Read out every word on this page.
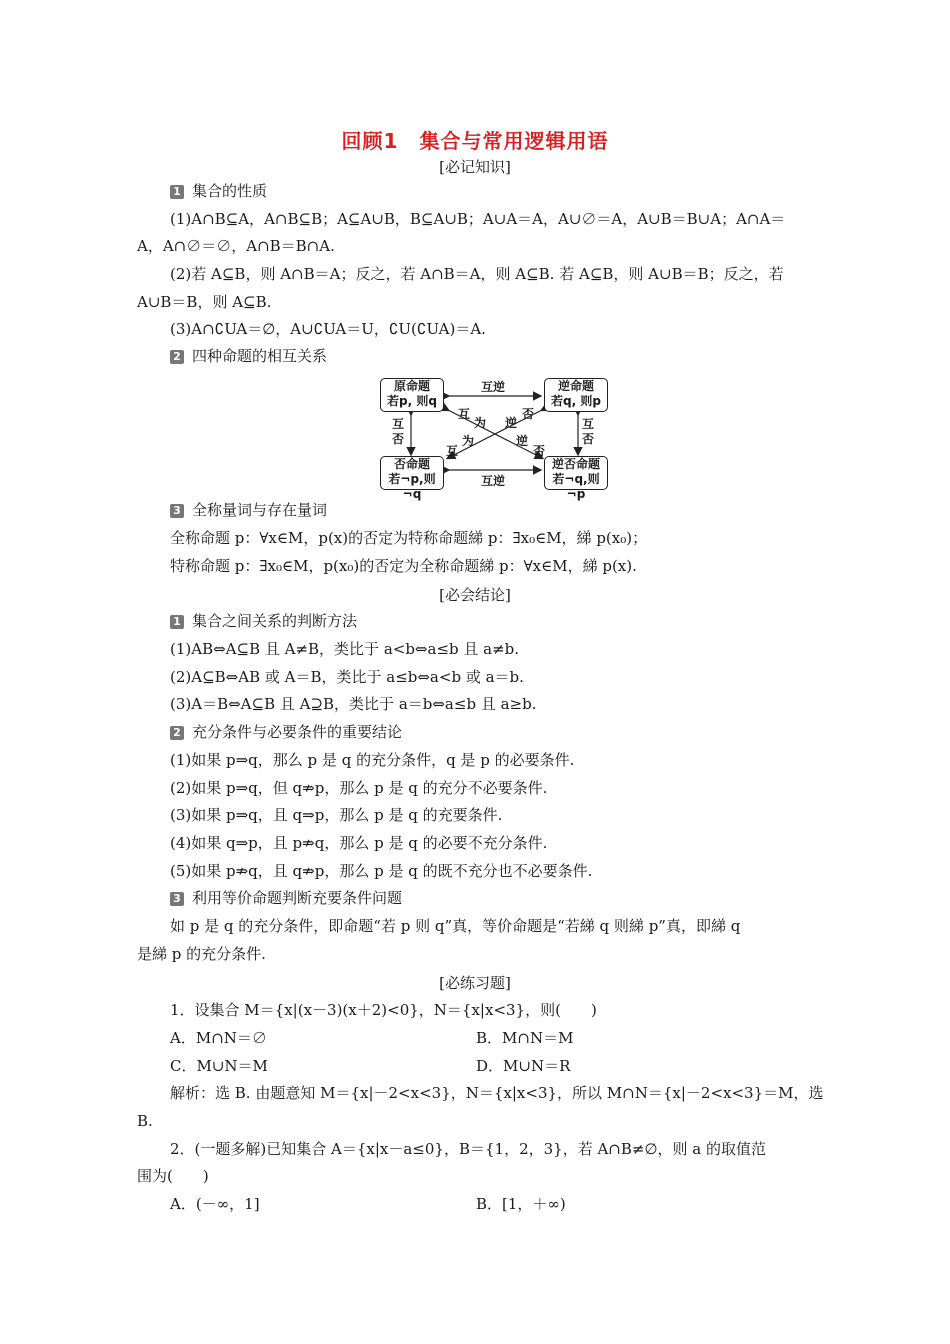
回顾1　集合与常用逻辑用语
[必记知识]
1 集合的性质
(1)A∩B⊆A，A∩B⊆B；A⊆A∪B，B⊆A∪B；A∪A＝A，A∪∅＝A，A∪B＝B∪A；A∩A＝
A，A∩∅＝∅，A∩B＝B∩A.
(2)若 A⊆B，则 A∩B＝A；反之，若 A∩B＝A，则 A⊆B. 若 A⊆B，则 A∪B＝B；反之，若
A∪B＝B，则 A⊆B.
(3)A∩∁UA＝∅，A∪∁UA＝U，∁U(∁UA)＝A.
2 四种命题的相互关系
原命题
若p, 则q
逆命题
若q, 则p
否命题
若¬p,则¬q
逆否命题
若¬q,则¬p
互逆
互逆
互否
互否
互
为 逆
否
互
为	逆
否
3 全称量词与存在量词
全称命题 p：∀x∈M，p(x)的否定为特称命题綈 p：∃x₀∈M，綈 p(x₀)；
特称命题 p：∃x₀∈M，p(x₀)的否定为全称命题綈 p：∀x∈M，綈 p(x).
[必会结论]
1 集合之间关系的判断方法
(1)AB⇔A⊆B 且 A≠B，类比于 a<b⇔a≤b 且 a≠b.
(2)A⊆B⇔AB 或 A＝B，类比于 a≤b⇔a<b 或 a＝b.
(3)A＝B⇔A⊆B 且 A⊇B，类比于 a＝b⇔a≤b 且 a≥b.
2 充分条件与必要条件的重要结论
(1)如果 p⇒q，那么 p 是 q 的充分条件，q 是 p 的必要条件.
(2)如果 p⇒q，但 q⇏p，那么 p 是 q 的充分不必要条件.
(3)如果 p⇒q，且 q⇒p，那么 p 是 q 的充要条件.
(4)如果 q⇒p，且 p⇏q，那么 p 是 q 的必要不充分条件.
(5)如果 p⇏q，且 q⇏p，那么 p 是 q 的既不充分也不必要条件.
3 利用等价命题判断充要条件问题
如 p 是 q 的充分条件，即命题“若 p 则 q”真，等价命题是“若綈 q 则綈 p”真，即綈 q
是綈 p 的充分条件.
[必练习题]
1．设集合 M＝{x|(x－3)(x＋2)<0}，N＝{x|x<3}，则(　　)
A．M∩N＝∅	B．M∩N＝M
C．M∪N＝M	D．M∪N＝R
解析：选 B. 由题意知 M＝{x|－2<x<3}，N＝{x|x<3}，所以 M∩N＝{x|－2<x<3}＝M，选
B.
2．(一题多解)已知集合 A＝{x|x－a≤0}，B＝{1，2，3}，若 A∩B≠∅，则 a 的取值范
围为(　　)
A．(－∞，1]	B．[1，＋∞)
